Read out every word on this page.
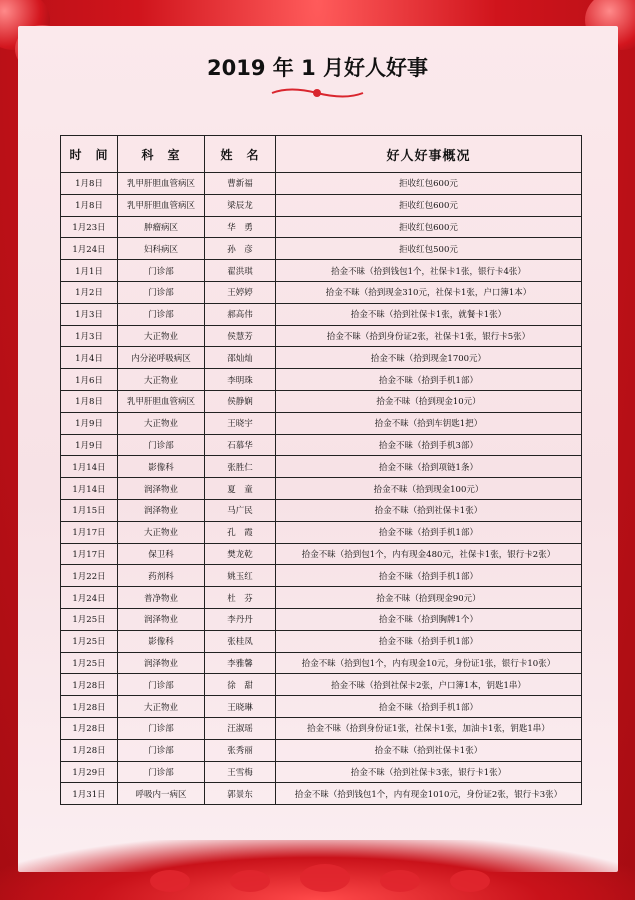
2019 年 1 月好人好事
时　间	科　室	姓　名	好人好事概况
1月8日	乳甲肝胆血管病区	曹新福	拒收红包600元
1月8日	乳甲肝胆血管病区	梁辰龙	拒收红包600元
1月23日	肿瘤病区	华　勇	拒收红包600元
1月24日	妇科病区	孙　彦	拒收红包500元
1月1日	门诊部	翟洪琪	拾金不昧（拾到钱包1个，社保卡1张，银行卡4张）
1月2日	门诊部	王婷婷	拾金不昧（拾到现金310元，社保卡1张，户口簿1本）
1月3日	门诊部	郝高伟	拾金不昧（拾到社保卡1张，就餐卡1张）
1月3日	大正物业	侯慧芳	拾金不昧（拾到身份证2张，社保卡1张，银行卡5张）
1月4日	内分泌呼吸病区	邵灿灿	拾金不昧（拾到现金1700元）
1月6日	大正物业	李明珠	拾金不昧（拾到手机1部）
1月8日	乳甲肝胆血管病区	侯静娴	拾金不昧（拾到现金10元）
1月9日	大正物业	王晓宇	拾金不昧（拾到车钥匙1把）
1月9日	门诊部	石慕华	拾金不昧（拾到手机3部）
1月14日	影像科	张胜仁	拾金不昧（拾到项链1条）
1月14日	润泽物业	夏　童	拾金不昧（拾到现金100元）
1月15日	润泽物业	马广民	拾金不昧（拾到社保卡1张）
1月17日	大正物业	孔　霞	拾金不昧（拾到手机1部）
1月17日	保卫科	樊龙乾	拾金不昧（拾到包1个，内有现金480元，社保卡1张，银行卡2张）
1月22日	药剂科	姚玉红	拾金不昧（拾到手机1部）
1月24日	普净物业	杜　芬	拾金不昧（拾到现金90元）
1月25日	润泽物业	李丹丹	拾金不昧（拾到胸牌1个）
1月25日	影像科	张桂凤	拾金不昧（拾到手机1部）
1月25日	润泽物业	李雅馨	拾金不昧（拾到包1个，内有现金10元，身份证1张，银行卡10张）
1月28日	门诊部	徐　甜	拾金不昧（拾到社保卡2张，户口簿1本，钥匙1串）
1月28日	大正物业	王晓琳	拾金不昧（拾到手机1部）
1月28日	门诊部	汪淑瑶	拾金不昧（拾到身份证1张，社保卡1张，加油卡1张，钥匙1串）
1月28日	门诊部	张秀丽	拾金不昧（拾到社保卡1张）
1月29日	门诊部	王雪梅	拾金不昧（拾到社保卡3张，银行卡1张）
1月31日	呼吸内一病区	郭景东	拾金不昧（拾到钱包1个，内有现金1010元，身份证2张，银行卡3张）
